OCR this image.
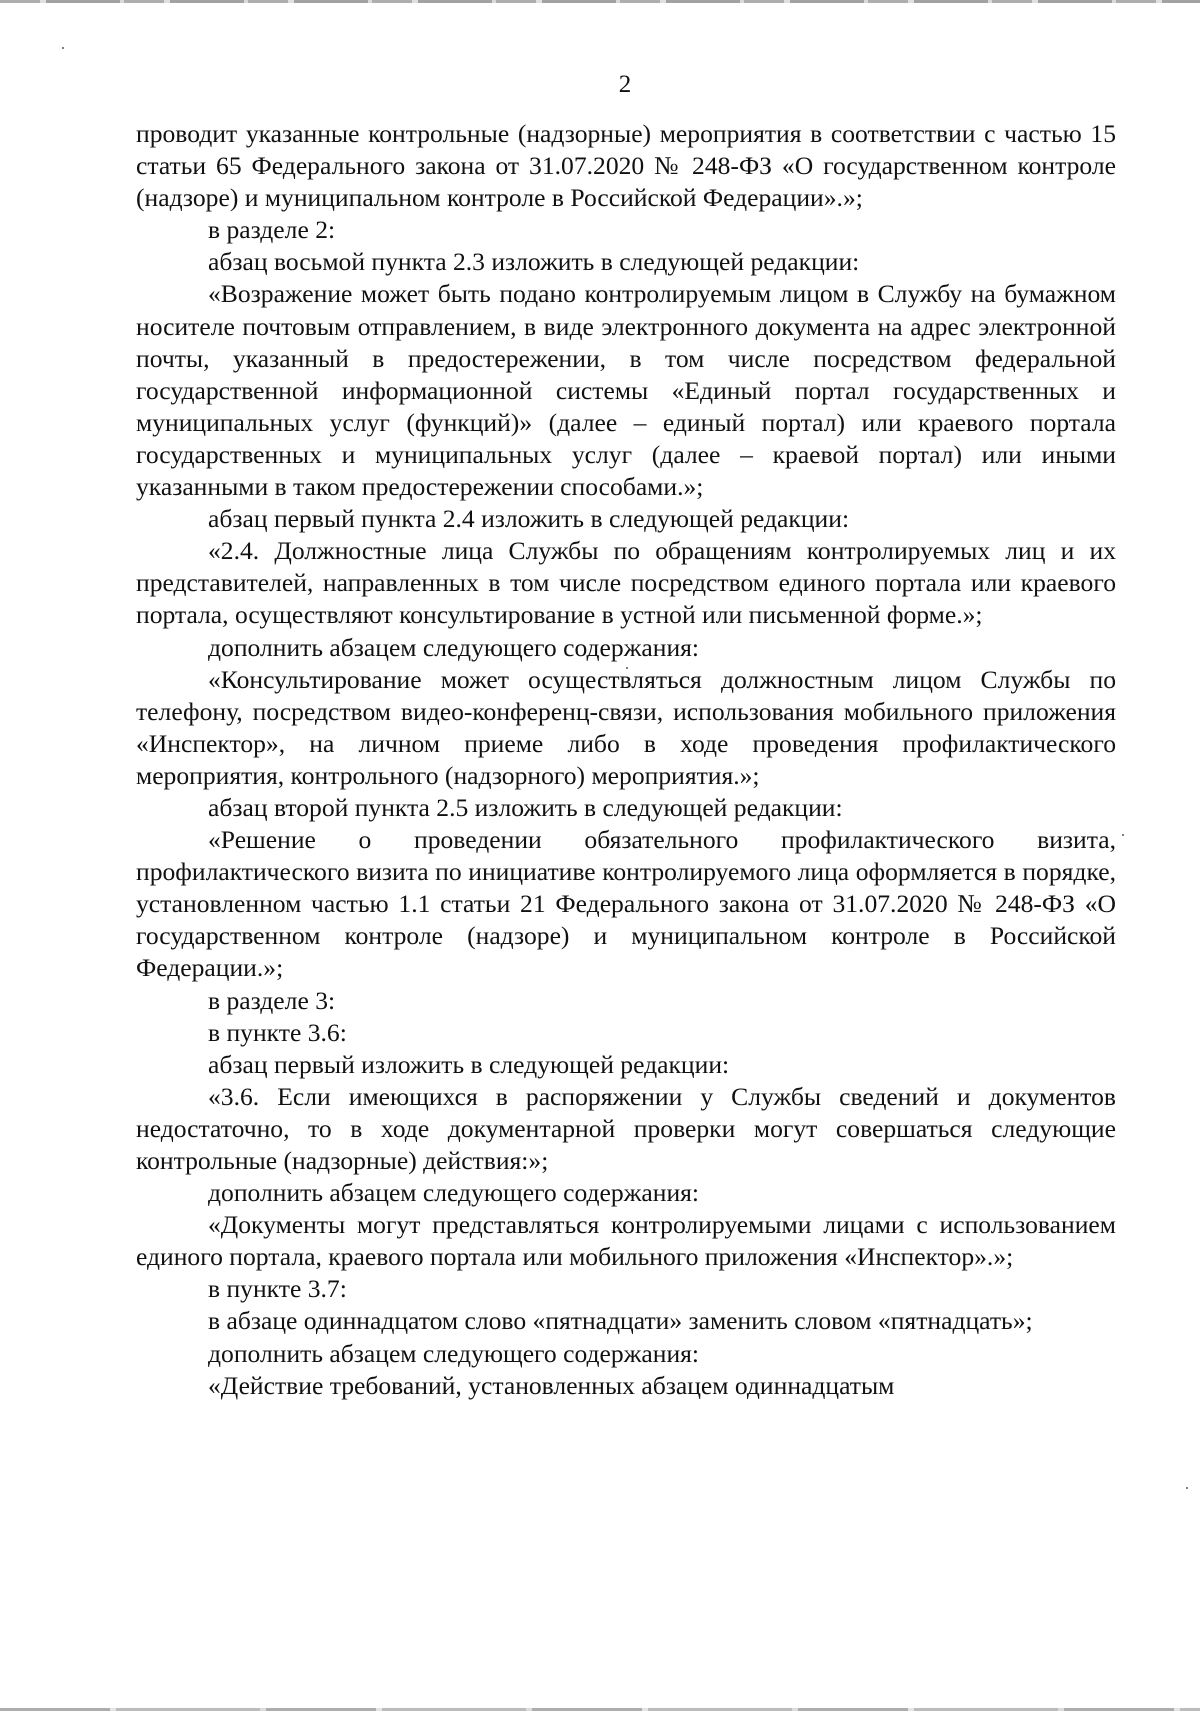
2

проводит указанные контрольные (надзорные) мероприятия в соответствии с частью 15 статьи 65 Федерального закона от 31.07.2020 № 248-ФЗ «О государственном контроле (надзоре) и муниципальном контроле в Российской Федерации».»;

в разделе 2:

абзац восьмой пункта 2.3 изложить в следующей редакции:

«Возражение может быть подано контролируемым лицом в Службу на бумажном носителе почтовым отправлением, в виде электронного документа на адрес электронной почты, указанный в предостережении, в том числе посредством федеральной государственной информационной системы «Единый портал государственных и муниципальных услуг (функций)» (далее – единый портал) или краевого портала государственных и муниципальных услуг (далее – краевой портал) или иными указанными в таком предостережении способами.»;

абзац первый пункта 2.4 изложить в следующей редакции:

«2.4. Должностные лица Службы по обращениям контролируемых лиц и их представителей, направленных в том числе посредством единого портала или краевого портала, осуществляют консультирование в устной или письменной форме.»;

дополнить абзацем следующего содержания:

«Консультирование может осуществляться должностным лицом Службы по телефону, посредством видео-конференц-связи, использования мобильного приложения «Инспектор», на личном приеме либо в ходе проведения профилактического мероприятия, контрольного (надзорного) мероприятия.»;

абзац второй пункта 2.5 изложить в следующей редакции:

«Решение о проведении обязательного профилактического визита, профилактического визита по инициативе контролируемого лица оформляется в порядке, установленном частью 1.1 статьи 21 Федерального закона от 31.07.2020 № 248-ФЗ «О государственном контроле (надзоре) и муниципальном контроле в Российской Федерации.»;

в разделе 3:

в пункте 3.6:

абзац первый изложить в следующей редакции:

«3.6. Если имеющихся в распоряжении у Службы сведений и документов недостаточно, то в ходе документарной проверки могут совершаться следующие контрольные (надзорные) действия:»;

дополнить абзацем следующего содержания:

«Документы могут представляться контролируемыми лицами с использованием единого портала, краевого портала или мобильного приложения «Инспектор».»;

в пункте 3.7:

в абзаце одиннадцатом слово «пятнадцати» заменить словом «пятнадцать»;

дополнить абзацем следующего содержания:

«Действие требований, установленных абзацем одиннадцатым
